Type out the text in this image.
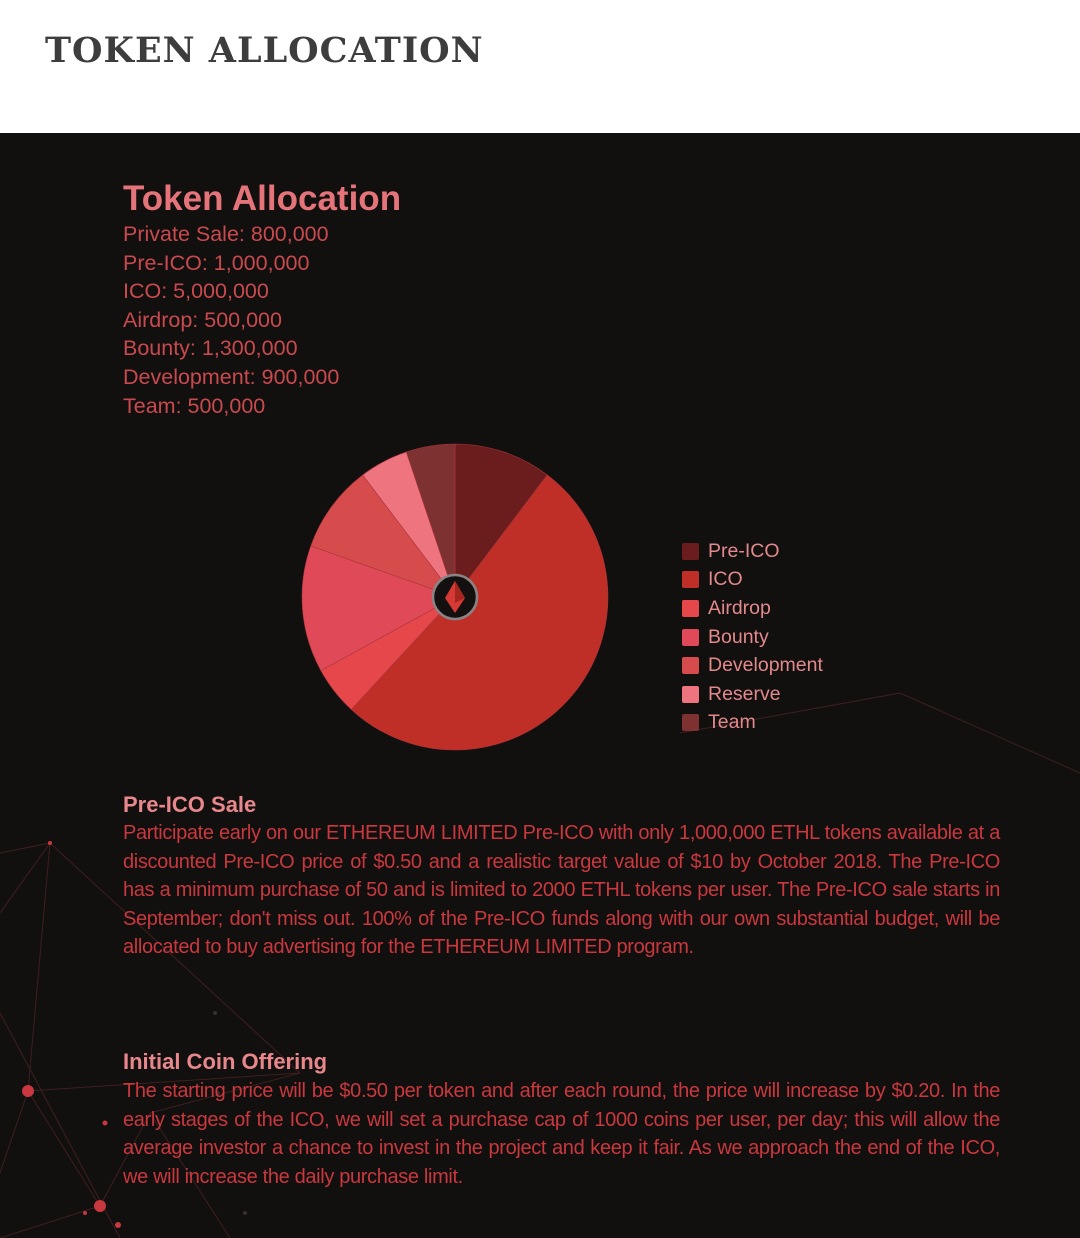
TOKEN ALLOCATION
Token Allocation
Private Sale: 800,000
Pre-ICO: 1,000,000
ICO: 5,000,000
Airdrop: 500,000
Bounty: 1,300,000
Development: 900,000
Team: 500,000
Pre-ICO
ICO
Airdrop
Bounty
Development
Reserve
Team
Pre-ICO Sale

Participate early on our ETHEREUM LIMITED Pre-ICO with only 1,000,000 ETHL tokens available at a discounted Pre-ICO price of $0.50 and a realistic target value of $10 by October 2018. The Pre-ICO has a minimum purchase of 50 and is limited to 2000 ETHL tokens per user. The Pre-ICO sale starts in September; don't miss out. 100% of the Pre-ICO funds along with our own substantial budget, will be allocated to buy advertising for the ETHEREUM LIMITED program.

Initial Coin Offering

The starting price will be $0.50 per token and after each round, the price will increase by $0.20. In the early stages of the ICO, we will set a purchase cap of 1000 coins per user, per day; this will allow the average investor a chance to invest in the project and keep it fair. As we approach the end of the ICO, we will increase the daily purchase limit.
